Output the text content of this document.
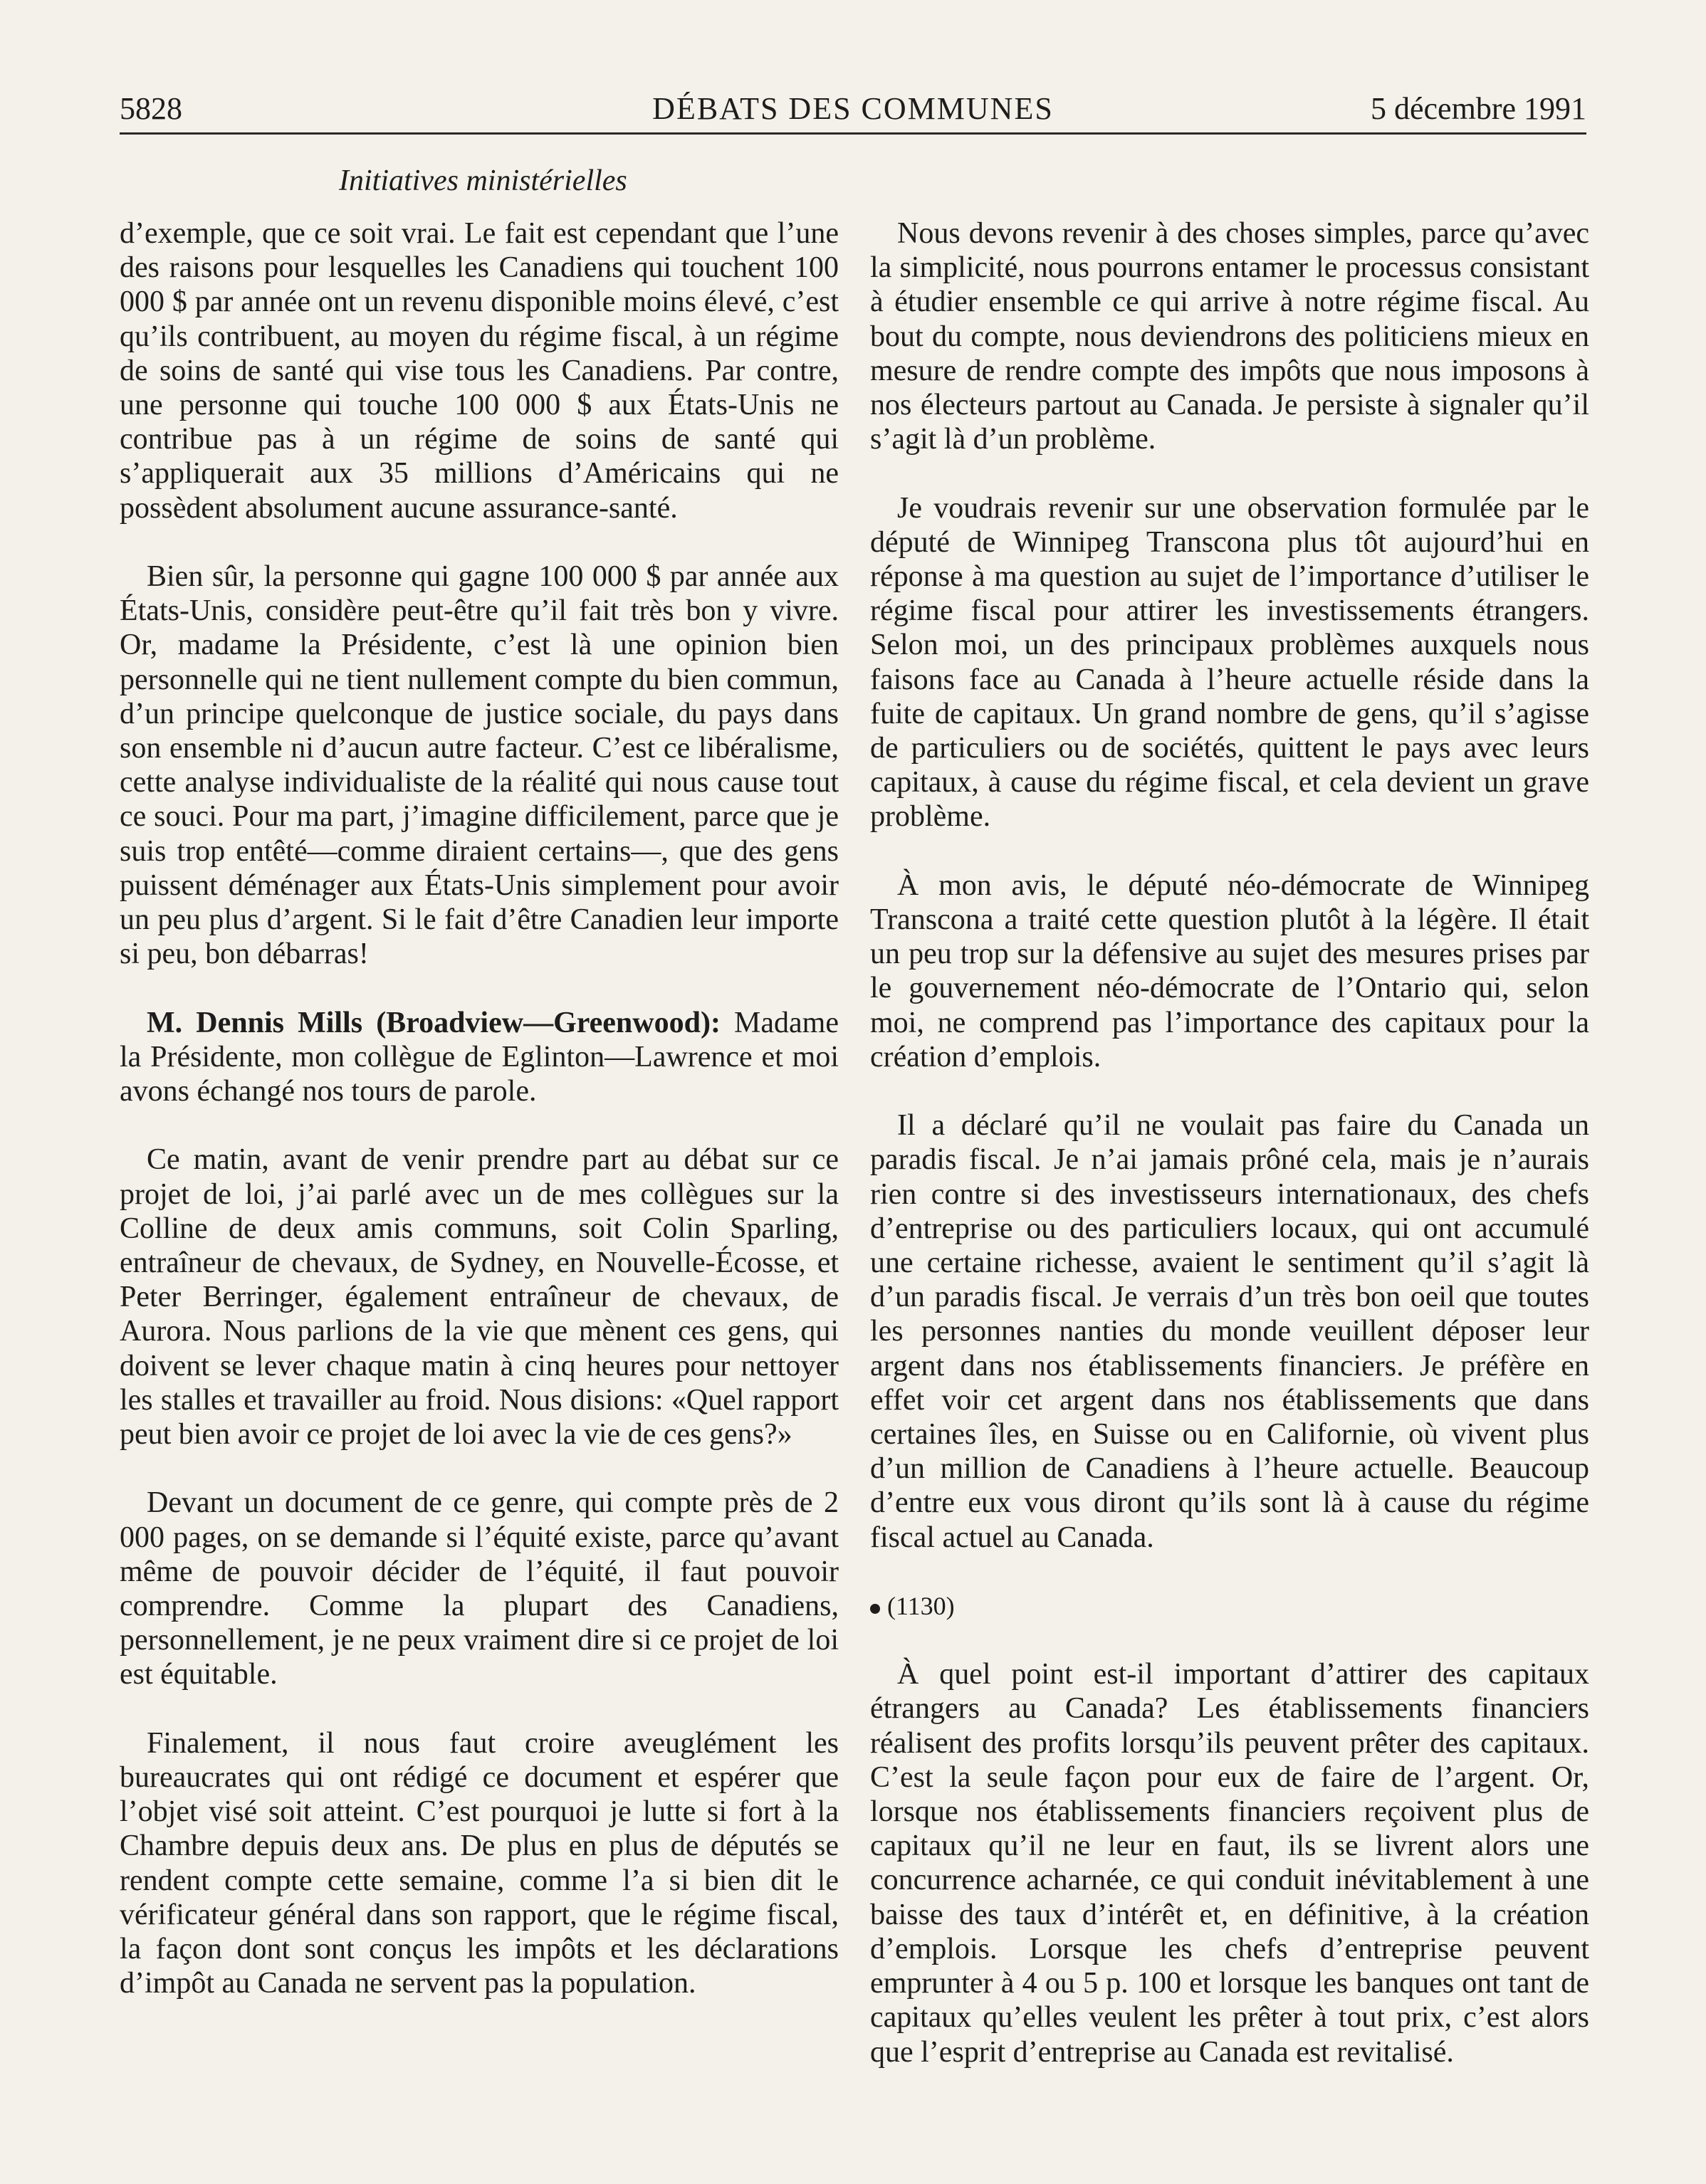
5828	DÉBATS DES COMMUNES	5 décembre 1991
Initiatives ministérielles

d’exemple, que ce soit vrai. Le fait est cependant que l’une des raisons pour lesquelles les Canadiens qui touchent 100 000 $ par année ont un revenu disponible moins élevé, c’est qu’ils contribuent, au moyen du régime fiscal, à un régime de soins de santé qui vise tous les Canadiens. Par contre, une personne qui touche 100 000 $ aux États-Unis ne contribue pas à un régime de soins de santé qui s’appliquerait aux 35 millions d’Américains qui ne possèdent absolument aucune assurance-santé.

Bien sûr, la personne qui gagne 100 000 $ par année aux États-Unis, considère peut-être qu’il fait très bon y vivre. Or, madame la Présidente, c’est là une opinion bien personnelle qui ne tient nullement compte du bien commun, d’un principe quelconque de justice sociale, du pays dans son ensemble ni d’aucun autre facteur. C’est ce libéralisme, cette analyse individualiste de la réalité qui nous cause tout ce souci. Pour ma part, j’imagine difficilement, parce que je suis trop entêté—comme diraient certains—, que des gens puissent déménager aux États-Unis simplement pour avoir un peu plus d’argent. Si le fait d’être Canadien leur importe si peu, bon débarras!

M. Dennis Mills (Broadview—Greenwood): Madame la Présidente, mon collègue de Eglinton—Lawrence et moi avons échangé nos tours de parole.

Ce matin, avant de venir prendre part au débat sur ce projet de loi, j’ai parlé avec un de mes collègues sur la Colline de deux amis communs, soit Colin Sparling, entraîneur de chevaux, de Sydney, en Nouvelle-Écosse, et Peter Berringer, également entraîneur de chevaux, de Aurora. Nous parlions de la vie que mènent ces gens, qui doivent se lever chaque matin à cinq heures pour nettoyer les stalles et travailler au froid. Nous disions: «Quel rapport peut bien avoir ce projet de loi avec la vie de ces gens?»

Devant un document de ce genre, qui compte près de 2 000 pages, on se demande si l’équité existe, parce qu’avant même de pouvoir décider de l’équité, il faut pouvoir comprendre. Comme la plupart des Canadiens, personnellement, je ne peux vraiment dire si ce projet de loi est équitable.

Finalement, il nous faut croire aveuglément les bureaucrates qui ont rédigé ce document et espérer que l’objet visé soit atteint. C’est pourquoi je lutte si fort à la Chambre depuis deux ans. De plus en plus de députés se rendent compte cette semaine, comme l’a si bien dit le vérificateur général dans son rapport, que le régime fiscal, la façon dont sont conçus les impôts et les déclarations d’impôt au Canada ne servent pas la population.

Nous devons revenir à des choses simples, parce qu’avec la simplicité, nous pourrons entamer le processus consistant à étudier ensemble ce qui arrive à notre régime fiscal. Au bout du compte, nous deviendrons des politiciens mieux en mesure de rendre compte des impôts que nous imposons à nos électeurs partout au Canada. Je persiste à signaler qu’il s’agit là d’un problème.

Je voudrais revenir sur une observation formulée par le député de Winnipeg Transcona plus tôt aujourd’hui en réponse à ma question au sujet de l’importance d’utiliser le régime fiscal pour attirer les investissements étrangers. Selon moi, un des principaux problèmes auxquels nous faisons face au Canada à l’heure actuelle réside dans la fuite de capitaux. Un grand nombre de gens, qu’il s’agisse de particuliers ou de sociétés, quittent le pays avec leurs capitaux, à cause du régime fiscal, et cela devient un grave problème.

À mon avis, le député néo-démocrate de Winnipeg Transcona a traité cette question plutôt à la légère. Il était un peu trop sur la défensive au sujet des mesures prises par le gouvernement néo-démocrate de l’Ontario qui, selon moi, ne comprend pas l’importance des capitaux pour la création d’emplois.

Il a déclaré qu’il ne voulait pas faire du Canada un paradis fiscal. Je n’ai jamais prôné cela, mais je n’aurais rien contre si des investisseurs internationaux, des chefs d’entreprise ou des particuliers locaux, qui ont accumulé une certaine richesse, avaient le sentiment qu’il s’agit là d’un paradis fiscal. Je verrais d’un très bon oeil que toutes les personnes nanties du monde veuillent déposer leur argent dans nos établissements financiers. Je préfère en effet voir cet argent dans nos établissements que dans certaines îles, en Suisse ou en Californie, où vivent plus d’un million de Canadiens à l’heure actuelle. Beaucoup d’entre eux vous diront qu’ils sont là à cause du régime fiscal actuel au Canada.

(1130)

À quel point est-il important d’attirer des capitaux étrangers au Canada? Les établissements financiers réalisent des profits lorsqu’ils peuvent prêter des capitaux. C’est la seule façon pour eux de faire de l’argent. Or, lorsque nos établissements financiers reçoivent plus de capitaux qu’il ne leur en faut, ils se livrent alors une concurrence acharnée, ce qui conduit inévitablement à une baisse des taux d’intérêt et, en définitive, à la création d’emplois. Lorsque les chefs d’entreprise peuvent emprunter à 4 ou 5 p. 100 et lorsque les banques ont tant de capitaux qu’elles veulent les prêter à tout prix, c’est alors que l’esprit d’entreprise au Canada est revitalisé.
